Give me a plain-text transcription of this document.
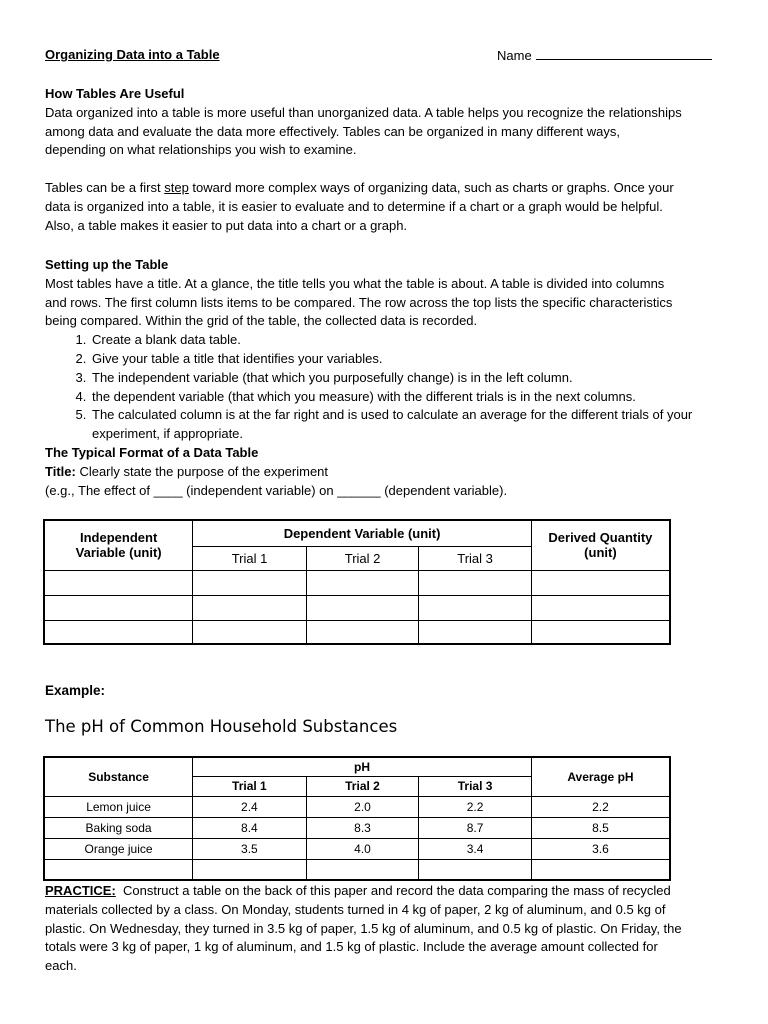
Organizing Data into a Table	Name
How Tables Are Useful
Data organized into a table is more useful than unorganized data. A table helps you recognize the relationships
among data and evaluate the data more effectively. Tables can be organized in many different ways,
depending on what relationships you wish to examine.
Tables can be a first step toward more complex ways of organizing data, such as charts or graphs. Once your
data is organized into a table, it is easier to evaluate and to determine if a chart or a graph would be helpful.
Also, a table makes it easier to put data into a chart or a graph.
Setting up the Table
Most tables have a title. At a glance, the title tells you what the table is about. A table is divided into columns
and rows. The first column lists items to be compared. The row across the top lists the specific characteristics
being compared. Within the grid of the table, the collected data is recorded.
1. Create a blank data table.
2. Give your table a title that identifies your variables.
3. The independent variable (that which you purposefully change) is in the left column.
4. the dependent variable (that which you measure) with the different trials is in the next columns.
5. The calculated column is at the far right and is used to calculate an average for the different trials of your experiment, if appropriate.
The Typical Format of a Data Table
Title: Clearly state the purpose of the experiment
(e.g., The effect of ____ (independent variable) on ______ (dependent variable).
Independent Variable (unit)	Dependent Variable (unit)			Derived Quantity (unit)
	Trial 1	Trial 2	Trial 3	

Example:
The pH of Common Household Substances
Substance	pH			Average pH
	Trial 1	Trial 2	Trial 3	
Lemon juice	2.4	2.0	2.2	2.2
Baking soda	8.4	8.3	8.7	8.5
Orange juice	3.5	4.0	3.4	3.6

PRACTICE:  Construct a table on the back of this paper and record the data comparing the mass of recycled
materials collected by a class. On Monday, students turned in 4 kg of paper, 2 kg of aluminum, and 0.5 kg of
plastic. On Wednesday, they turned in 3.5 kg of paper, 1.5 kg of aluminum, and 0.5 kg of plastic. On Friday, the
totals were 3 kg of paper, 1 kg of aluminum, and 1.5 kg of plastic. Include the average amount collected for
each.
